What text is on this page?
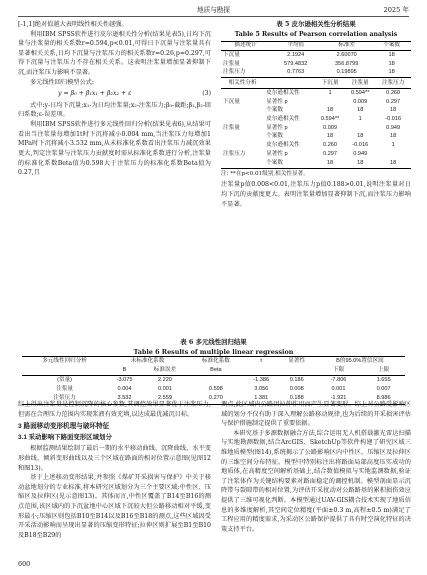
地质与勘探	2025 年

[-1,1]绝对值越大表明线性相关性越强。

利用IBM SPSS软件进行皮尔逊相关性分析(结果见表5),日均下沉量与注浆量的相关系数r=0.594,p<0.01,可得日下沉量与注浆量具有显著相关关系,日均下沉量与注浆压力的相关系数r=0.26,p=0.297,可得下沉量与注浆压力不存在相关关系。这表明注浆量增加显著抑制下沉,而注浆压力影响不显著。

多元线性回归模型公式:

y = β₀ + β₁x₁ + β₂x₂ + ε	(3)

式中:y-日均下沉量;x₁-为日均注浆量;x₂-注浆压力;β₀-截距;β₁,β₂-回归系数;ε-误差项。

利用IBM SPSS软件进行多元线性回归分析(结果见表6),从结果可看出当注浆量每增加1t时下沉将减小0.004 mm,当注浆压力每增加1 MPa时下沉将减小3.532 mm,从未标准化系数看出注浆压力减沉效果更大,判定注浆量与注浆压力贡献度时需从标准化系数进行分析,注浆量的标准化系数Beta值为0.598大于注浆压力的标准化系数Beta值为0.27,且

表 5 皮尔逊相关性分析结果
Table 5 Results of Pearson correlation analysis
描述统计	平均值	标准差	个案数
下沉量	2.1924	2.60070	18
注浆量	579.4832	356.8799	18
注浆压力	0.7763	0.19895	18
相关性分析		下沉量	注浆量	注浆压力
下沉量	皮尔逊相关性	1	0.594**	0.260
	显著性 p		0.009	0.297
	个案数	18	18	18
注浆量	皮尔逊相关性	0.594**	1	-0.016
	显著性 p	0.009		0.949
	个案数	18	18	18
注浆压力	皮尔逊相关性	0.260	-0.016	1
	显著性 p	0.297	0.949	
	个案数	18	18	18
注: **在p<0.01级别,相关性显著。

注浆量p值0.008<0.01,注浆压力p值0.188>0.01,说明注浆量对日均下沉的贡献度更大。表明注浆量增加显著抑制下沉,而注浆压力影响不显著。

表 6 多元线性回归结果
Table 6 Results of multiple linear regression
多元线性回归分析	未标准化系数		标准化系数	t	显著性	B的95.0%置信区间	
	B	标准误差	Beta			下限	上限
(常量)	-3.075	2.220		-1.386	0.186	-7.806	1.655
注浆量	0.004	0.001	0.598	3.056	0.008	0.001	0.007
注浆压力	3.532	2.559	0.270	1.381	0.188	-1.921	8.986

综上得出注浆量是控制沉降的核心参数,其调控效果显著优于注浆压力,但需在合理压力范围内实现浆液有效充填,以达成最优减沉目标。

3 路面移动变形机理与破坏特征
3.1 采动影响下路面变形区域划分

根据监测结果绘制了最后一期的水平移动曲线、沉降曲线、水平变形曲线、倾斜变形曲线以及三个区域在路面的相对位置示意图(见图12和图13)。

基于上述移动变形结果,并参照《煤矿开采损害与保护》中关于移动盆地划分的专业标准,将本研究区域划分为三个主要区域:中性区、压缩区及拉伸区(见示意图13)。其体而言,中性区覆盖了B14至B16的测点范围,该区域内的下沉盆地中心区域下沉较大但公路移动相对平缓,变形最小;压缩区则包括B10至B14以及B16至B18的测点,这些区域因受开采活动影响而呈现出显著的压缩变形特征;拉伸区则扩展至B1至B10及B18至B29的

测点,此区域内公路因拉伸作用而产生显著变形。综上对公路受影响区域的划分不仅有助于深入理解公路移动规律,也为后续的开采损害评估与保护措施制定提供了重要依据。

本研究基于多源数据融合方法,综合运用无人机搭载激光雷达扫描与实地勘测数据,结合ArcGIS、SketchUp等软件构建了研究区域三维地质模型(图14),系统揭示了公路影响区内中性区、压缩区及拉伸区的三维空间分布特征。模型中特别标注出将路面局部高度压实成功的地质体,在高精度空间解析基础上,结合数值模拟与实地监测数据,验证了注浆体作为关键结构要素对路面稳定的调控机制。模型剖面显示沉降带与裂隙带的相对位置,为评估开采扰动对公路路基的累积损伤效应提供了三维可视化判断。本模型通过UAV-GIS耦合技术实现了地质信息的多维度解析,其空间定位精度(平面±0.3 m,高程±0.5 m)满足了工程应用的精度需求,为采动区公路保护提供了具有时空演化特征的决策支持平台。

600
